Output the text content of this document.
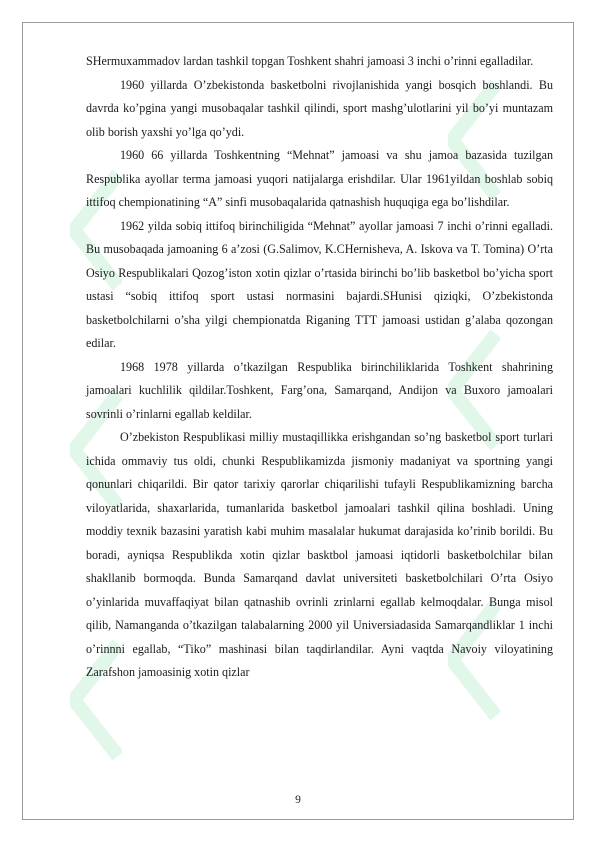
SHermuxammadov lardan tashkil topgan Toshkent shahri jamoasi 3 inchi o’rinni egalladilar.

1960 yillarda O’zbekistonda basketbolni rivojlanishida yangi bosqich boshlandi. Bu davrda ko’pgina yangi musobaqalar tashkil qilindi, sport mashg’ulotlarini yil bo’yi muntazam olib borish yaxshi yo’lga qo’ydi.

1960 66 yillarda Toshkentning “Mehnat” jamoasi va shu jamoa bazasida tuzilgan Respublika ayollar terma jamoasi yuqori natijalarga erishdilar. Ular 1961yildan boshlab sobiq ittifoq chempionatining “A” sinfi musobaqalarida qatnashish huquqiga ega bo’lishdilar.

1962 yilda sobiq ittifoq birinchiligida “Mehnat” ayollar jamoasi 7 inchi o’rinni egalladi. Bu musobaqada jamoaning 6 a’zosi (G.Salimov, K.CHernisheva, A. Iskova va T. Tomina) O’rta Osiyo Respublikalari Qozog’iston xotin qizlar o’rtasida birinchi bo’lib basketbol bo’yicha sport ustasi “sobiq ittifoq sport ustasi normasini bajardi.SHunisi qiziqki, O’zbekistonda basketbolchilarni o’sha yilgi chempionatda Riganing TTT jamoasi ustidan g’alaba qozongan edilar.

1968 1978 yillarda o’tkazilgan Respublika birinchiliklarida Toshkent shahrining jamoalari kuchlilik qildilar.Toshkent, Farg’ona, Samarqand, Andijon va Buxoro jamoalari sovrinli o’rinlarni egallab keldilar.

O’zbekiston Respublikasi milliy mustaqillikka erishgandan so’ng basketbol sport turlari ichida ommaviy tus oldi, chunki Respublikamizda jismoniy madaniyat va sportning yangi qonunlari chiqarildi. Bir qator tarixiy qarorlar chiqarilishi tufayli Respublikamizning barcha viloyatlarida, shaxarlarida, tumanlarida basketbol jamoalari tashkil qilina boshladi. Uning moddiy texnik bazasini yaratish kabi muhim masalalar hukumat darajasida ko’rinib borildi. Bu boradi, ayniqsa Respublikda xotin qizlar basktbol jamoasi iqtidorli basketbolchilar bilan shakllanib bormoqda. Bunda Samarqand davlat universiteti basketbolchilari O’rta Osiyo o’yinlarida muvaffaqiyat bilan qatnashib ovrinli zrinlarni egallab kelmoqdalar. Bunga misol qilib, Namanganda o’tkazilgan talabalarning 2000 yil Universiadasida Samarqandliklar 1 inchi o’rinnni egallab, “Tiko” mashinasi bilan taqdirlandilar. Ayni vaqtda Navoiy viloyatining Zarafshon jamoasinig xotin qizlar

9
